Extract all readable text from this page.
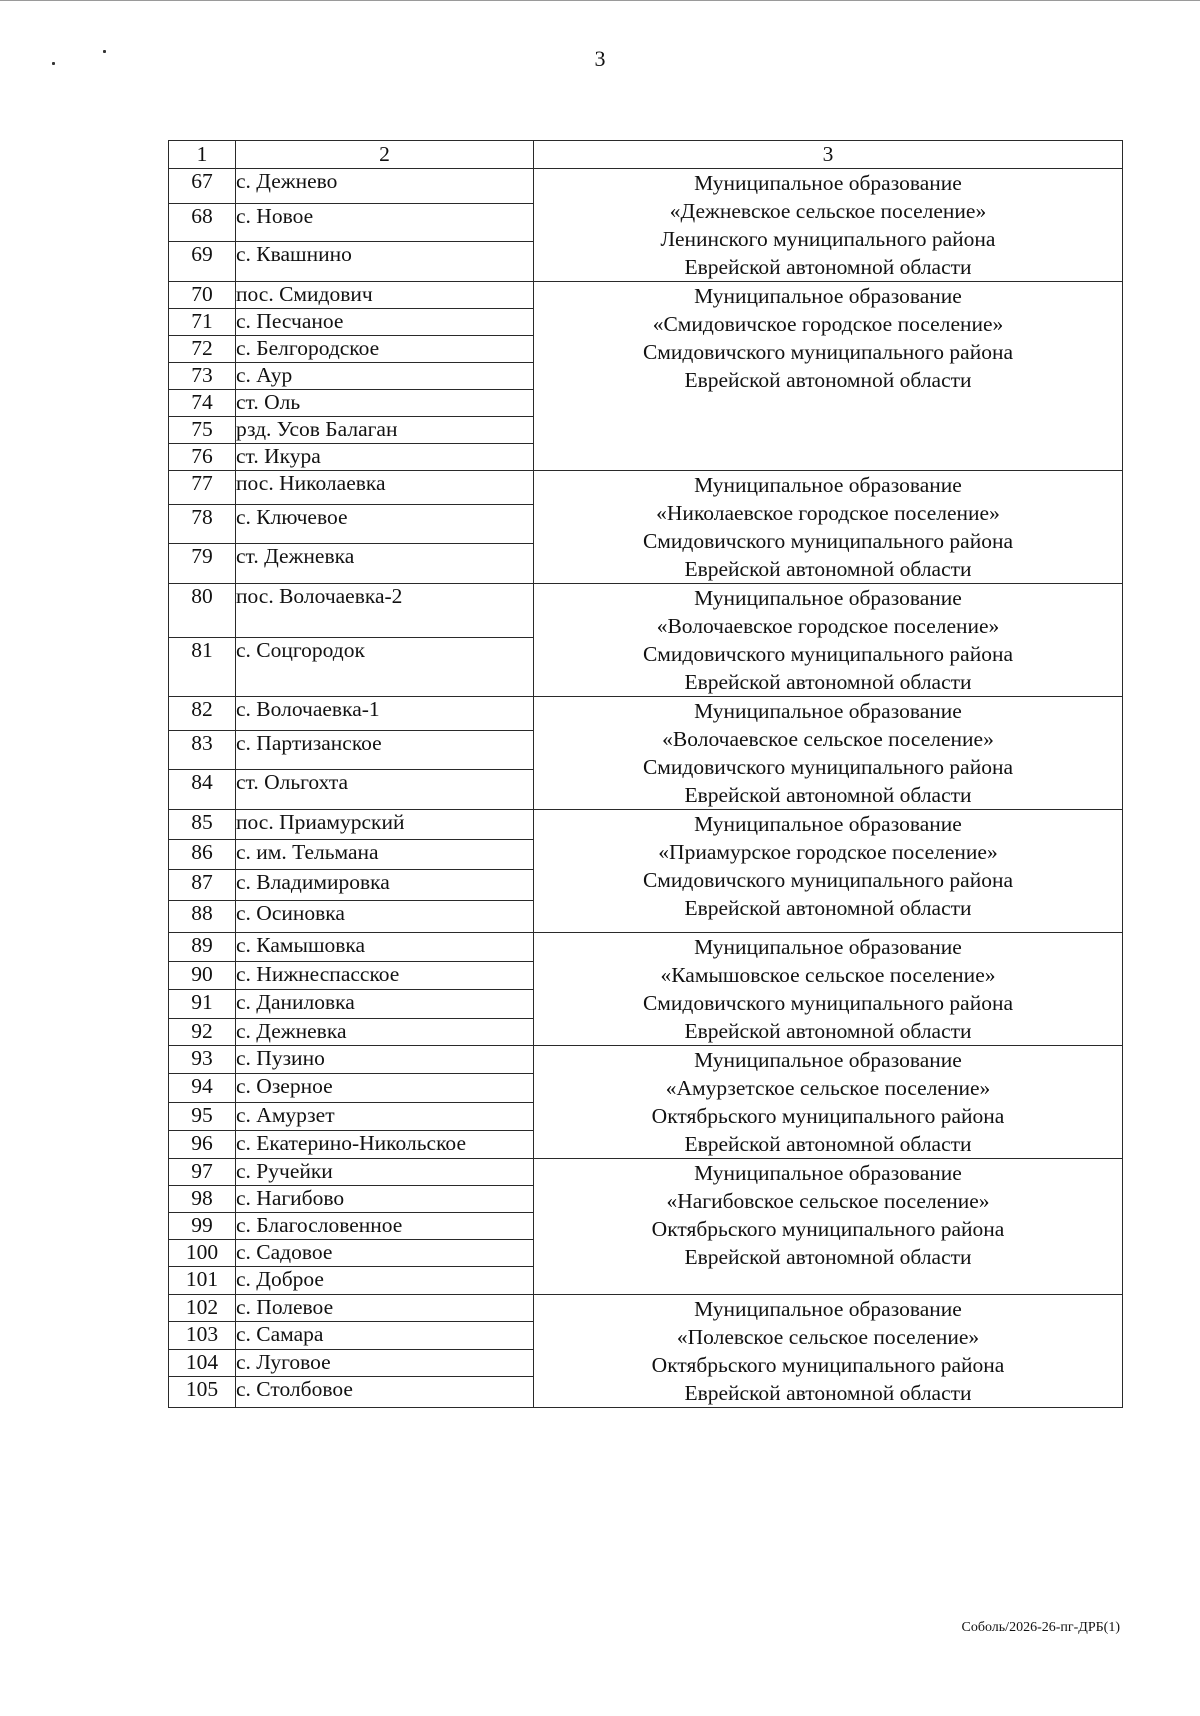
3
1	2	3
67	с. Дежнево	Муниципальное образование
«Дежневское сельское поселение»
Ленинского муниципального района
Еврейской автономной области

68	с. Новое	
69	с. Квашнино	
70	пос. Смидович	Муниципальное образование
«Смидовичское городское поселение»
Смидовичского муниципального района
Еврейской автономной области

71	с. Песчаное	
72	с. Белгородское	
73	с. Аур	
74	ст. Оль	
75	рзд. Усов Балаган	
76	ст. Икура	
77	пос. Николаевка	Муниципальное образование
«Николаевское городское поселение»
Смидовичского муниципального района
Еврейской автономной области

78	с. Ключевое	
79	ст. Дежневка	
80	пос. Волочаевка-2	Муниципальное образование
«Волочаевское городское поселение»
Смидовичского муниципального района
Еврейской автономной области

81	с. Соцгородок	
82	с. Волочаевка-1	Муниципальное образование
«Волочаевское сельское поселение»
Смидовичского муниципального района
Еврейской автономной области

83	с. Партизанское	
84	ст. Ольгохта	
85	пос. Приамурский	Муниципальное образование
«Приамурское городское поселение»
Смидовичского муниципального района
Еврейской автономной области

86	с. им. Тельмана	
87	с. Владимировка	
88	с. Осиновка	
89	с. Камышовка	Муниципальное образование
«Камышовское сельское поселение»
Смидовичского муниципального района
Еврейской автономной области

90	с. Нижнеспасское	
91	с. Даниловка	
92	с. Дежневка	
93	с. Пузино	Муниципальное образование
«Амурзетское сельское поселение»
Октябрьского муниципального района
Еврейской автономной области

94	с. Озерное	
95	с. Амурзет	
96	с. Екатерино-Никольское	
97	с. Ручейки	Муниципальное образование
«Нагибовское сельское поселение»
Октябрьского муниципального района
Еврейской автономной области

98	с. Нагибово	
99	с. Благословенное	
100	с. Садовое	
101	с. Доброе	
102	с. Полевое	Муниципальное образование
«Полевское сельское поселение»
Октябрьского муниципального района
Еврейской автономной области

103	с. Самара	
104	с. Луговое	
105	с. Столбовое	
Соболь/2026-26-пг-ДРБ(1)
